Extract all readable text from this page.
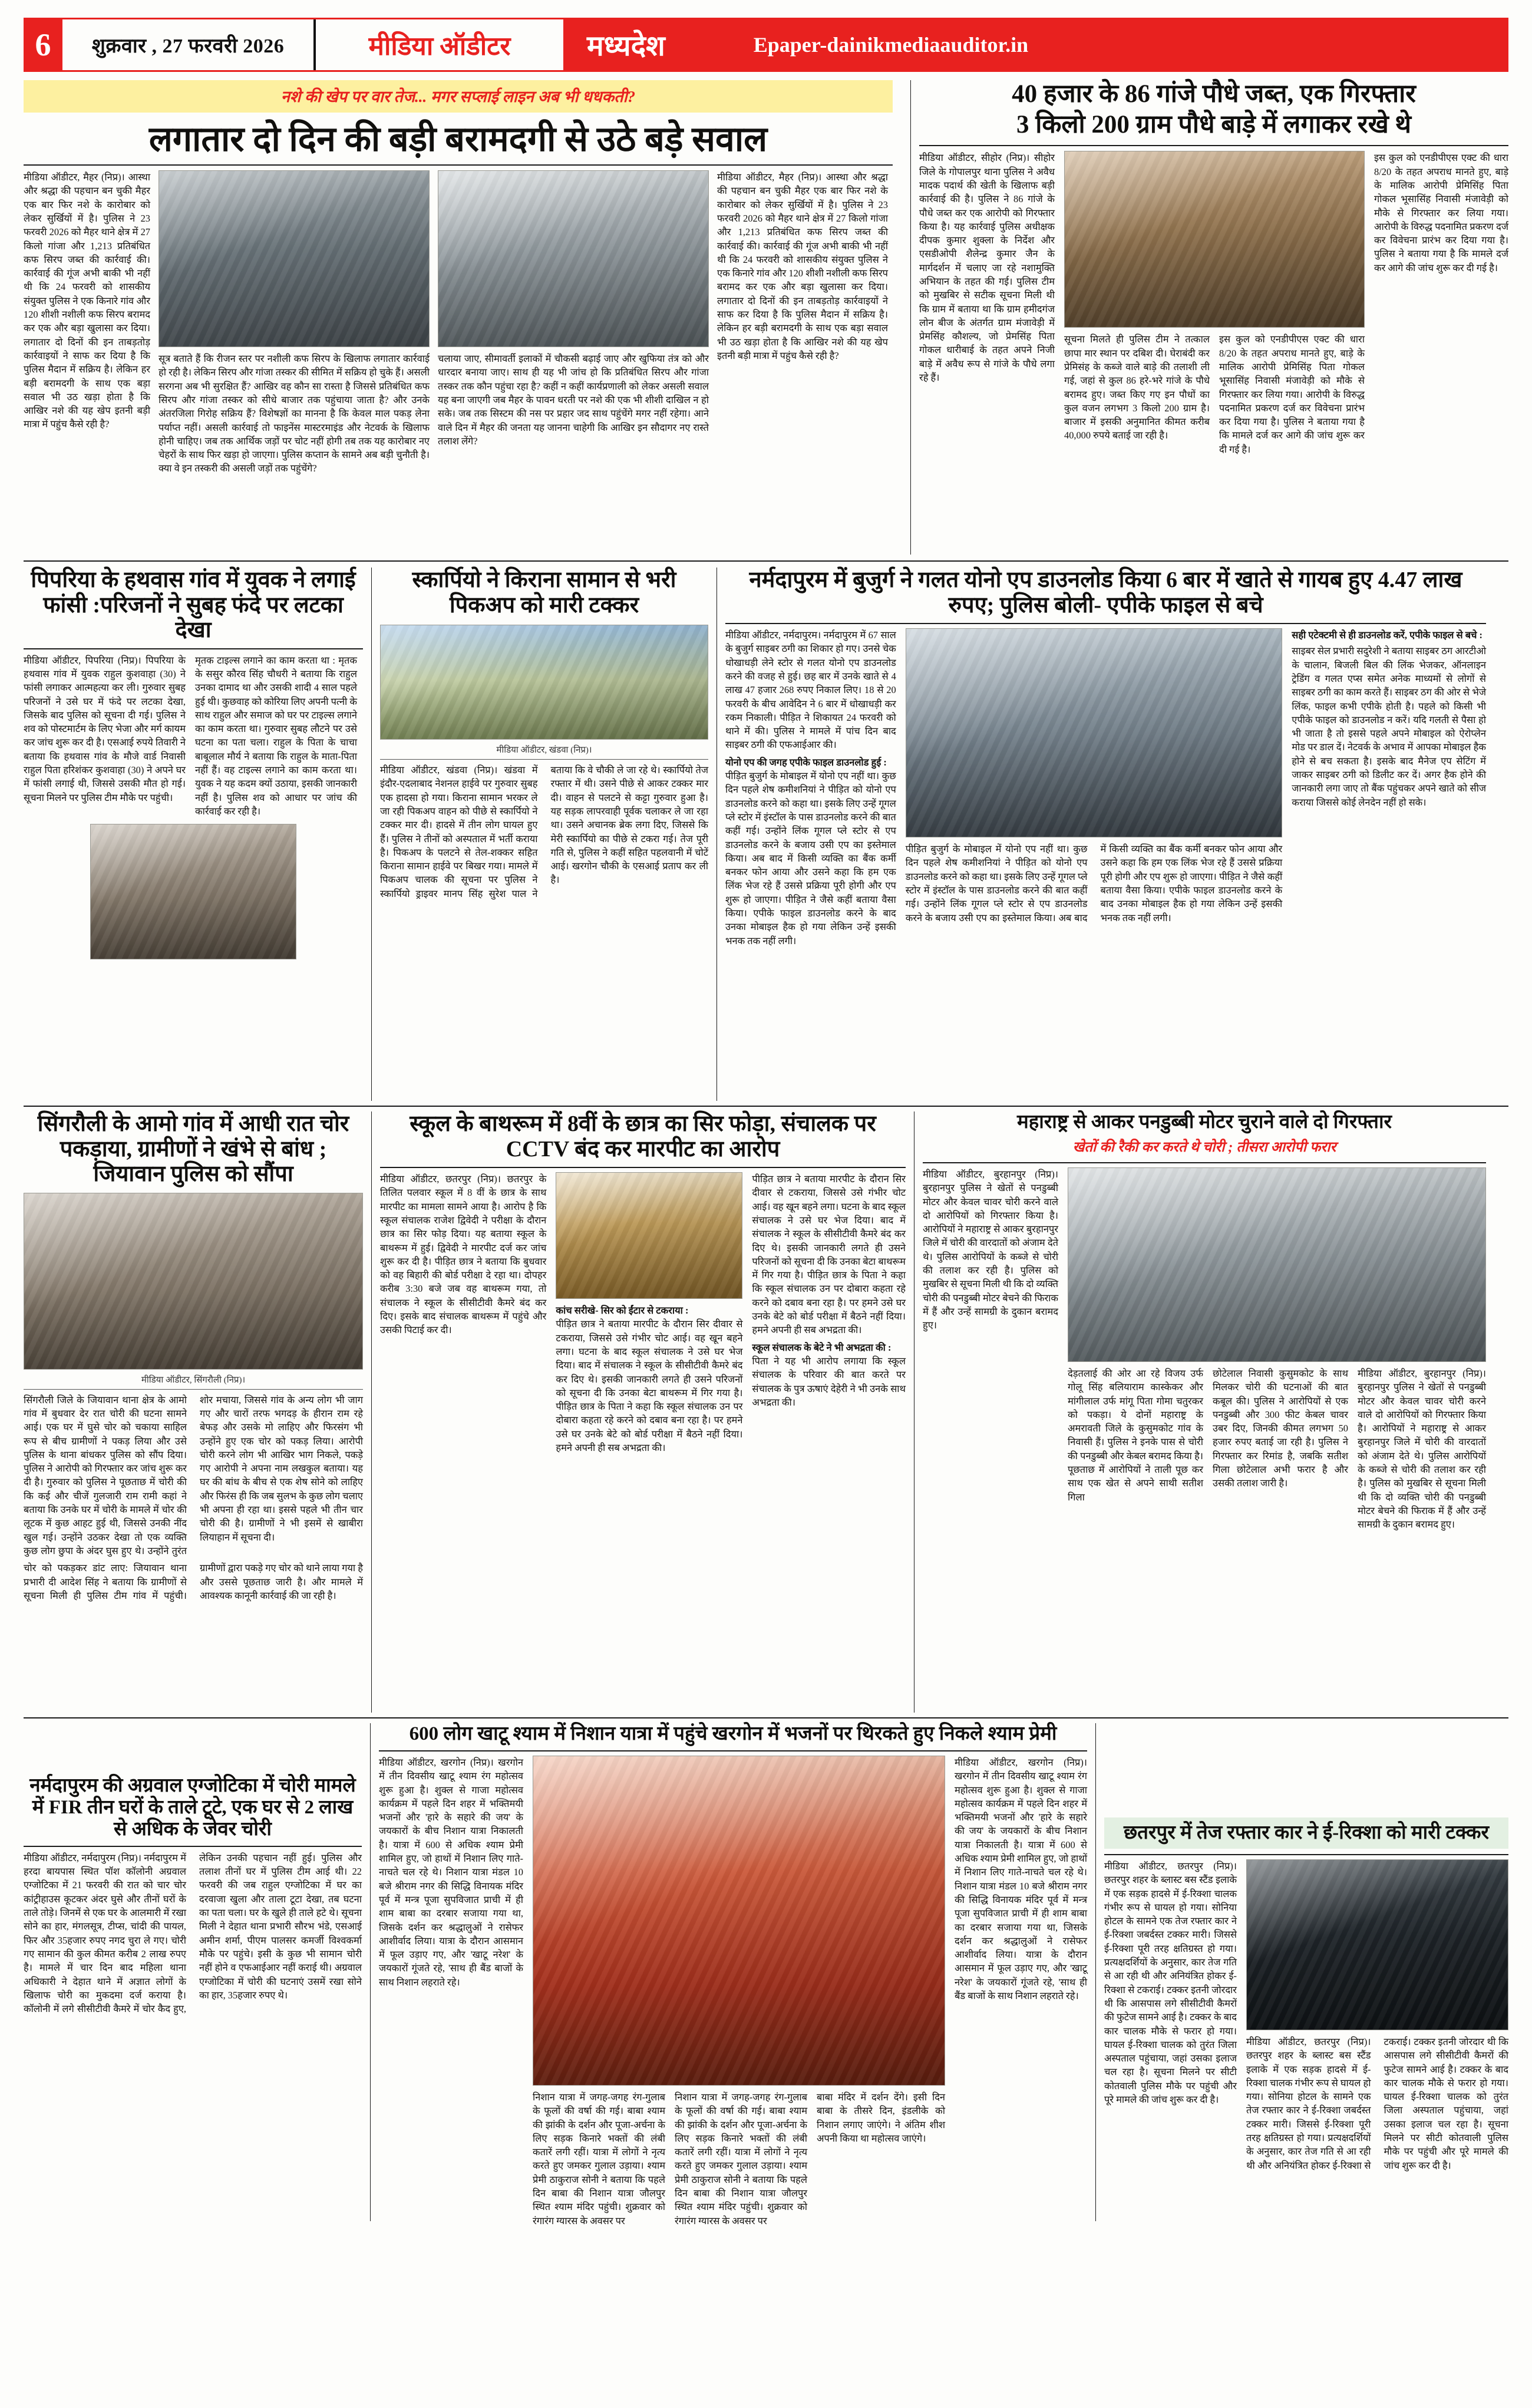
6	शुक्रवार , 27 फरवरी 2026	मीडिया ऑडीटर	मध्यदेश	Epaper-dainikmediaauditor.in
नशे की खेप पर वार तेज... मगर सप्लाई लाइन अब भी धधकती?
लगातार दो दिन की बड़ी बरामदगी से उठे बड़े सवाल
मीडिया ऑडीटर, मैहर (निप्र)। आस्था और श्रद्धा की पहचान बन चुकी मैहर एक बार फिर नशे के कारोबार को लेकर सुर्खियों में है। पुलिस ने 23 फरवरी 2026 को मैहर थाने क्षेत्र में 27 किलो गांजा और 1,213 प्रतिबंधित कफ सिरप जब्त की कार्रवाई की। कार्रवाई की गूंज अभी बाकी भी नहीं थी कि 24 फरवरी को शासकीय संयुक्त पुलिस ने एक किनारे गांव और 120 शीशी नशीली कफ सिरप बरामद कर एक और बड़ा खुलासा कर दिया। लगातार दो दिनों की इन ताबड़तोड़ कार्रवाइयों ने साफ कर दिया है कि पुलिस मैदान में सक्रिय है। लेकिन हर बड़ी बरामदगी के साथ एक बड़ा सवाल भी उठ खड़ा होता है कि आखिर नशे की यह खेप इतनी बड़ी मात्रा में पहुंच कैसे रही है?
सूत्र बताते हैं कि रीजन स्तर पर नशीली कफ सिरप के खिलाफ लगातार कार्रवाई हो रही है। लेकिन सिरप और गांजा तस्कर की सीमित में सक्रिय हो चुके हैं। असली सरगना अब भी सुरक्षित हैं? आखिर वह कौन सा रास्ता है जिससे प्रतिबंधित कफ सिरप और गांजा तस्कर को सीधे बाजार तक पहुंचाया जाता है? और उनके अंतरजिला गिरोह सक्रिय हैं? विशेषज्ञों का मानना है कि केवल माल पकड़ लेना पर्याप्त नहीं। असली कार्रवाई तो फाइनेंस मास्टरमाइंड और नेटवर्क के खिलाफ होनी चाहिए। जब तक आर्थिक जड़ों पर चोट नहीं होगी तब तक यह कारोबार नए चेहरों के साथ फिर खड़ा हो जाएगा। पुलिस कप्तान के सामने अब बड़ी चुनौती है। क्या वे इन तस्करी की असली जड़ों तक पहुंचेंगे?
चलाया जाए, सीमावर्ती इलाकों में चौकसी बढ़ाई जाए और खुफिया तंत्र को और धारदार बनाया जाए। साथ ही यह भी जांच हो कि प्रतिबंधित सिरप और गांजा तस्कर तक कौन पहुंचा रहा है? कहीं न कहीं कार्यप्रणाली को लेकर असली सवाल यह बना जाएगी जब मैहर के पावन धरती पर नशे की एक भी शीशी दाखिल न हो सके। जब तक सिस्टम की नस पर प्रहार जद साथ पहुंचेंगे मगर नहीं रहेगा। आने वाले दिन में मैहर की जनता यह जानना चाहेगी कि आखिर इन सौदागर नए रास्ते तलाश लेंगे?
मीडिया ऑडीटर, मैहर (निप्र)। आस्था और श्रद्धा की पहचान बन चुकी मैहर एक बार फिर नशे के कारोबार को लेकर सुर्खियों में है। पुलिस ने 23 फरवरी 2026 को मैहर थाने क्षेत्र में 27 किलो गांजा और 1,213 प्रतिबंधित कफ सिरप जब्त की कार्रवाई की। कार्रवाई की गूंज अभी बाकी भी नहीं थी कि 24 फरवरी को शासकीय संयुक्त पुलिस ने एक किनारे गांव और 120 शीशी नशीली कफ सिरप बरामद कर एक और बड़ा खुलासा कर दिया। लगातार दो दिनों की इन ताबड़तोड़ कार्रवाइयों ने साफ कर दिया है कि पुलिस मैदान में सक्रिय है। लेकिन हर बड़ी बरामदगी के साथ एक बड़ा सवाल भी उठ खड़ा होता है कि आखिर नशे की यह खेप इतनी बड़ी मात्रा में पहुंच कैसे रही है?
40 हजार के 86 गांजे पौधे जब्त, एक गिरफ्तार
3 किलो 200 ग्राम पौधे बाड़े में लगाकर रखे थे
मीडिया ऑडीटर, सीहोर (निप्र)। सीहोर जिले के गोपालपुर थाना पुलिस ने अवैध मादक पदार्थ की खेती के खिलाफ बड़ी कार्रवाई की है। पुलिस ने 86 गांजे के पौधे जब्त कर एक आरोपी को गिरफ्तार किया है। यह कार्रवाई पुलिस अधीक्षक दीपक कुमार शुक्ला के निर्देश और एसडीओपी शैलेन्द्र कुमार जैन के मार्गदर्शन में चलाए जा रहे नशामुक्ति अभियान के तहत की गई। पुलिस टीम को मुखबिर से सटीक सूचना मिली थी कि ग्राम में बताया था कि ग्राम हमीदगंज लोन बीज के अंतर्गत ग्राम मंजावेड़ी में प्रेमसिंह कौशल्य, जो प्रेमसिंह पिता गोकल धारीबाई के तहत अपने निजी बाड़े में अवैध रूप से गांजे के पौधे लगा रहे हैं।
सूचना मिलते ही पुलिस टीम ने तत्काल छापा मार स्थान पर दबिश दी। घेराबंदी कर प्रेमिसंह के कब्जे वाले बाड़े की तलाशी ली गई, जहां से कुल 86 हरे-भरे गांजे के पौधे बरामद हुए। जब्त किए गए इन पौधों का कुल वजन लगभग 3 किलो 200 ग्राम है। बाजार में इसकी अनुमानित कीमत करीब 40,000 रुपये बताई जा रही है।
इस कुल को एनडीपीएस एक्ट की धारा 8/20 के तहत अपराध मानते हुए, बाड़े के मालिक आरोपी प्रेमिसिंह पिता गोकल भूसासिंह निवासी मंजावेड़ी को मौके से गिरफ्तार कर लिया गया। आरोपी के विरुद्ध पदनामित प्रकरण दर्ज कर विवेचना प्रारंभ कर दिया गया है। पुलिस ने बताया गया है कि मामले दर्ज कर आगे की जांच शुरू कर दी गई है।
इस कुल को एनडीपीएस एक्ट की धारा 8/20 के तहत अपराध मानते हुए, बाड़े के मालिक आरोपी प्रेमिसिंह पिता गोकल भूसासिंह निवासी मंजावेड़ी को मौके से गिरफ्तार कर लिया गया। आरोपी के विरुद्ध पदनामित प्रकरण दर्ज कर विवेचना प्रारंभ कर दिया गया है। पुलिस ने बताया गया है कि मामले दर्ज कर आगे की जांच शुरू कर दी गई है।
पिपरिया के हथवास गांव में युवक ने लगाई फांसी :परिजनों ने सुबह फंदे पर लटका देखा
मीडिया ऑडीटर, पिपरिया (निप्र)। पिपरिया के हथवास गांव में युवक राहुल कुशवाहा (30) ने फांसी लगाकर आत्महत्या कर ली। गुरुवार सुबह परिजनों ने उसे घर में फंदे पर लटका देखा, जिसके बाद पुलिस को सूचना दी गई। पुलिस ने शव को पोस्टमार्टम के लिए भेजा और मर्ग कायम कर जांच शुरू कर दी है। एसआई रुपये तिवारी ने बताया कि हथवास गांव के मौजे वार्ड निवासी राहुल पिता हरिशंकर कुशवाहा (30) ने अपने घर में फांसी लगाई थी, जिससे उसकी मौत हो गई। सूचना मिलने पर पुलिस टीम मौके पर पहुंची।
मृतक टाइल्स लगाने का काम करता था : मृतक के ससुर कौरव सिंह चौधरी ने बताया कि राहुल उनका दामाद था और उसकी शादी 4 साल पहले हुई थी। कुछवाह को कोरिया लिए अपनी पत्नी के साथ राहुल और समाज को घर पर टाइल्स लगाने का काम करता था। गुरुवार सुबह लौटने पर उसे घटना का पता चला। राहुल के पिता के चाचा बाबूलाल मौर्य ने बताया कि राहुल के माता-पिता नहीं हैं। वह टाइल्स लगाने का काम करता था। युवक ने यह कदम क्यों उठाया, इसकी जानकारी नहीं है। पुलिस शव को आधार पर जांच की कार्रवाई कर रही है।
स्कार्पियो ने किराना सामान से भरी पिकअप को मारी टक्कर
मीडिया ऑडीटर, खंडवा (निप्र)।
मीडिया ऑडीटर, खंडवा (निप्र)। खंडवा में इंदौर-एदलाबाद नेशनल हाईवे पर गुरुवार सुबह एक हादसा हो गया। किराना सामान भरकर ले जा रही पिकअप वाहन को पीछे से स्कार्पियो ने टक्कर मार दी। हादसे में तीन लोग घायल हुए हैं। पुलिस ने तीनों को अस्पताल में भर्ती कराया है। पिकअप के पलटने से तेल-शक्कर सहित किराना सामान हाईवे पर बिखर गया। मामले में पिकअप चालक की सूचना पर पुलिस ने स्कार्पियो ड्राइवर मानप सिंह सुरेश पाल ने बताया कि वे चौकी ले जा रहे थे। स्कार्पियो तेज रफ्तार में थी। उसने पीछे से आकर टक्कर मार दी। वाहन से पलटने से कट्टा गुरुवार हुआ है। यह सड़क लापरवाही पूर्वक चलाकर ले जा रहा था। उसने अचानक ब्रेक लगा दिए, जिससे कि मेरी स्कार्पियो का पीछे से टकरा गई। तेज पूरी गति से, पुलिस ने कहीं सहित पहलवानी में चोटें आई। खरगोन चौकी के एसआई प्रताप कर ली है।
नर्मदापुरम में बुजुर्ग ने गलत योनो एप डाउनलोड किया 6 बार में खाते से गायब हुए 4.47 लाख रुपए; पुलिस बोली- एपीके फाइल से बचे
मीडिया ऑडीटर, नर्मदापुरम। नर्मदापुरम में 67 साल के बुजुर्ग साइबर ठगी का शिकार हो गए। उनसे चेक धोखाधड़ी लेने स्टोर से गलत योनो एप डाउनलोड करने की वजह से हुई। छह बार में उनके खाते से 4 लाख 47 हजार 268 रुपए निकाल लिए। 18 से 20 फरवरी के बीच आवेदिन ने 6 बार में धोखाधड़ी कर रकम निकाली। पीड़ित ने शिकायत 24 फरवरी को थाने में की। पुलिस ने मामले में पांच दिन बाद साइबर ठगी की एफआईआर की।
योनो एप की जगह एपीके फाइल डाउनलोड हुई :
पीड़ित बुजुर्ग के मोबाइल में योनो एप नहीं था। कुछ दिन पहले शेष कमीशनियां ने पीड़ित को योनो एप डाउनलोड करने को कहा था। इसके लिए उन्हें गूगल प्ले स्टोर में इंस्टॉल के पास डाउनलोड करने की बात कहीं गई। उन्होंने लिंक गूगल प्ले स्टोर से एप डाउनलोड करने के बजाय उसी एप का इस्तेमाल किया। अब बाद में किसी व्यक्ति का बैंक कर्मी बनकर फोन आया और उसने कहा कि हम एक लिंक भेज रहे हैं उससे प्रक्रिया पूरी होगी और एप शुरू हो जाएगा। पीड़ित ने जैसे कहीं बताया वैसा किया। एपीके फाइल डाउनलोड करने के बाद उनका मोबाइल हैक हो गया लेकिन उन्हें इसकी भनक तक नहीं लगी।
पीड़ित बुजुर्ग के मोबाइल में योनो एप नहीं था। कुछ दिन पहले शेष कमीशनियां ने पीड़ित को योनो एप डाउनलोड करने को कहा था। इसके लिए उन्हें गूगल प्ले स्टोर में इंस्टॉल के पास डाउनलोड करने की बात कहीं गई। उन्होंने लिंक गूगल प्ले स्टोर से एप डाउनलोड करने के बजाय उसी एप का इस्तेमाल किया। अब बाद में किसी व्यक्ति का बैंक कर्मी बनकर फोन आया और उसने कहा कि हम एक लिंक भेज रहे हैं उससे प्रक्रिया पूरी होगी और एप शुरू हो जाएगा। पीड़ित ने जैसे कहीं बताया वैसा किया। एपीके फाइल डाउनलोड करने के बाद उनका मोबाइल हैक हो गया लेकिन उन्हें इसकी भनक तक नहीं लगी।
सही एटेक्टमी से ही डाउनलोड करें, एपीके फाइल से बचे :
साइबर सेल प्रभारी सदुरेशी ने बताया साइबर ठग आरटीओ के चालान, बिजली बिल की लिंक भेजकर, ऑनलाइन ट्रेडिंग व गलत एप्स समेत अनेक माध्यमों से लोगों से साइबर ठगी का काम करते हैं। साइबर ठग की ओर से भेजे लिंक, फाइल कभी एपीके होती है। पहले को किसी भी एपीके फाइल को डाउनलोड न करें। यदि गलती से पैसा हो भी जाता है तो इससे पहले अपने मोबाइल को ऐरोप्लेन मोड पर डाल दें। नेटवर्क के अभाव में आपका मोबाइल हैक होने से बच सकता है। इसके बाद मैनेज एप सेटिंग में जाकर साइबर ठगी को डिलीट कर दें। अगर हैक होने की जानकारी लगा जाए तो बैंक पहुंचकर अपने खाते को सीज कराया जिससे कोई लेनदेन नहीं हो सके।
सिंगरौली के आमो गांव में आधी रात चोर पकड़ाया, ग्रामीणों ने खंभे से बांध ; जियावान पुलिस को सौंपा
मीडिया ऑडीटर, सिंगरौली (निप्र)।
सिंगरौली जिले के जियावान थाना क्षेत्र के आमो गांव में बुधवार देर रात चोरी की घटना सामने आई। एक घर में घुसे चोर को चकाया साहिल रूप से बीच ग्रामीणों ने पकड़ लिया और उसे पुलिस के थाना बांधकर पुलिस को सौंप दिया। पुलिस ने आरोपी को गिरफ्तार कर जांच शुरू कर दी है। गुरुवार को पुलिस ने पूछताछ में चोरी की कि कई और चीजें गुलजारी राम रामी कहां ने बताया कि उनके घर में चोरी के मामले में चोर की लूटक में कुछ आहट हुई थी, जिससे उनकी नींद खुल गई। उन्होंने उठकर देखा तो एक व्यक्ति कुछ लोग छुपा के अंदर घुस हुए थे। उन्होंने तुरंत शोर मचाया, जिससे गांव के अन्य लोग भी जाग गए और चारों तरफ भगदड़ के हीरान राम रहे बेफड़ और उसके मो लाहिए और फिरसंग भी उन्होंने हुए एक चोर को पकड़ लिया। आरोपी चोरी करने लोग भी आखिर भाग निकले, पकड़े गए आरोपी ने अपना नाम लखकुल बताया। यह घर की बांध के बीच से एक शेष सोने को लाहिए और फिरंस ही कि जब सुलभ के कुछ लोग चलाए भी अपना ही रहा था। इससे पहले भी तीन चार चोरी की है। ग्रामीणों ने भी इसमें से खाबीरा लियाहान में सूचना दी।
चोर को पकड़कर डांट लाए: जियावान थाना प्रभारी दी आदेश सिंह ने बताया कि ग्रामीणों से सूचना मिली ही पुलिस टीम गांव में पहुंची। ग्रामीणों द्वारा पकड़े गए चोर को थाने लाया गया है और उससे पूछताछ जारी है। और मामले में आवश्यक कानूनी कार्रवाई की जा रही है।
स्कूल के बाथरूम में 8वीं के छात्र का सिर फोड़ा, संचालक पर CCTV बंद कर मारपीट का आरोप
मीडिया ऑडीटर, छतरपुर (निप्र)। छतरपुर के तिलित पलवार स्कूल में 8 वीं के छात्र के साथ मारपीट का मामला सामने आया है। आरोप है कि स्कूल संचालक राजेश द्विवेदी ने परीक्षा के दौरान छात्र का सिर फोड़ दिया। यह बताया स्कूल के बाथरूम में हुई। द्विवेदी ने मारपीट दर्ज कर जांच शुरू कर दी है। पीड़ित छात्र ने बताया कि बुधवार को वह बिहारी की बोर्ड परीक्षा दे रहा था। दोपहर करीब 3:30 बजे जब वह बाथरूम गया, तो संचालक ने स्कूल के सीसीटीवी कैमरे बंद कर दिए। इसके बाद संचालक बाथरूम में पहुंचे और उसकी पिटाई कर दी।
कांच सरीखे- सिर को ईंटार से टकराया :
पीड़ित छात्र ने बताया मारपीट के दौरान सिर दीवार से टकराया, जिससे उसे गंभीर चोट आई। वह खून बहने लगा। घटना के बाद स्कूल संचालक ने उसे घर भेज दिया। बाद में संचालक ने स्कूल के सीसीटीवी कैमरे बंद कर दिए थे। इसकी जानकारी लगते ही उसने परिजनों को सूचना दी कि उनका बेटा बाथरूम में गिर गया है। पीड़ित छात्र के पिता ने कहा कि स्कूल संचालक उन पर दोबारा कहता रहे करने को दबाव बना रहा है। पर हमने उसे घर उनके बेटे को बोर्ड परीक्षा में बैठने नहीं दिया। हमने अपनी ही सब अभद्रता की।
पीड़ित छात्र ने बताया मारपीट के दौरान सिर दीवार से टकराया, जिससे उसे गंभीर चोट आई। वह खून बहने लगा। घटना के बाद स्कूल संचालक ने उसे घर भेज दिया। बाद में संचालक ने स्कूल के सीसीटीवी कैमरे बंद कर दिए थे। इसकी जानकारी लगते ही उसने परिजनों को सूचना दी कि उनका बेटा बाथरूम में गिर गया है। पीड़ित छात्र के पिता ने कहा कि स्कूल संचालक उन पर दोबारा कहता रहे करने को दबाव बना रहा है। पर हमने उसे घर उनके बेटे को बोर्ड परीक्षा में बैठने नहीं दिया। हमने अपनी ही सब अभद्रता की।
स्कूल संचालक के बेटे ने भी अभद्रता की :
पिता ने यह भी आरोप लगाया कि स्कूल संचालक के परिवार की बात करते पर संचालक के पुत्र ऊषाएं देहेरी ने भी उनके साथ अभद्रता की।
महाराष्ट्र से आकर पनडुब्बी मोटर चुराने वाले दो गिरफ्तार
खेतों की रैकी कर करते थे चोरी ; तीसरा आरोपी फरार
मीडिया ऑडीटर, बुरहानपुर (निप्र)। बुरहानपुर पुलिस ने खेतों से पनडुब्बी मोटर और केवल चावर चोरी करने वाले दो आरोपियों को गिरफ्तार किया है। आरोपियों ने महाराष्ट्र से आकर बुरहानपुर जिले में चोरी की वारदातों को अंजाम देते थे। पुलिस आरोपियों के कब्जे से चोरी की तलाश कर रही है। पुलिस को मुखबिर से सूचना मिली थी कि दो व्यक्ति चोरी की पनडुब्बी मोटर बेचने की फिराक में हैं और उन्हें सामग्री के दुकान बरामद हुए।
देड़तलाई की ओर आ रहे विजय उर्फ गोलू सिंह बलियाराम कास्केकर और मांगीलाल उर्फ मांगू पिता गोमा चतुरकर को पकड़ा। ये दोनों महाराष्ट्र के अमरावती जिले के कुसुमकोट गांव के निवासी हैं। पुलिस ने इनके पास से चोरी की पनडुब्बी और केबल बरामद किया है। पूछताछ में आरोपियों ने ताली पूछ कर साथ एक खेत से अपने साथी सतीश गिला
छोटेलाल निवासी कुसुमकोट के साथ मिलकर चोरी की घटनाओं की बात कबूल की। पुलिस ने आरोपियों से एक पनडुब्बी और 300 फीट केबल चावर उबर दिए, जिनकी कीमत लगभग 50 हजार रुपए बताई जा रही है। पुलिस ने गिरफ्तार कर रिमांड है, जबकि सतीश गिला छोटेलाल अभी फरार है और उसकी तलाश जारी है।
मीडिया ऑडीटर, बुरहानपुर (निप्र)। बुरहानपुर पुलिस ने खेतों से पनडुब्बी मोटर और केवल चावर चोरी करने वाले दो आरोपियों को गिरफ्तार किया है। आरोपियों ने महाराष्ट्र से आकर बुरहानपुर जिले में चोरी की वारदातों को अंजाम देते थे। पुलिस आरोपियों के कब्जे से चोरी की तलाश कर रही है। पुलिस को मुखबिर से सूचना मिली थी कि दो व्यक्ति चोरी की पनडुब्बी मोटर बेचने की फिराक में हैं और उन्हें सामग्री के दुकान बरामद हुए।
नर्मदापुरम की अग्रवाल एग्जोटिका में चोरी मामले में FIR तीन घरों के ताले टूटे, एक घर से 2 लाख से अधिक के जेवर चोरी
मीडिया ऑडीटर, नर्मदापुरम (निप्र)। नर्मदापुरम में हरदा बायपास स्थित पॉश कॉलोनी अग्रवाल एग्जोटिका में 21 फरवरी की रात को चार चोर कांट्रीहाउस कूटकर अंदर घुसे और तीनों घरों के ताले तोड़े। जिनमें से एक घर के आलमारी में रखा सोने का हार, मंगलसूत्र, टीप्स, चांदी की पायल, फिर और 35हजार रुपए नगद चुरा ले गए। चोरी गए सामान की कुल कीमत करीब 2 लाख रुपए है। मामले में चार दिन बाद महिला थाना अधिकारी ने देहात थाने में अज्ञात लोगों के खिलाफ चोरी का मुकदमा दर्ज कराया है। कॉलोनी में लगे सीसीटीवी कैमरे में चोर कैद हुए, लेकिन उनकी पहचान नहीं हुई। पुलिस और तलाश तीनों घर में पुलिस टीम आई थी। 22 फरवरी की जब राहुल एग्जोटिका में घर का दरवाजा खुला और ताला टूटा देखा, तब घटना का पता चला। घर के खुले ही ताले हटे थे। सूचना मिली ने देहात थाना प्रभारी सौरभ भंडे, एसआई अमीन शर्मा, पीएम पालसर कमर्जी विश्वकर्मा मौके पर पहुंचे। इसी के कुछ भी सामान चोरी नहीं होने व एफआईआर नहीं कराई थी। अग्रवाल एग्जोटिका में चोरी की घटनाएं उसमें रखा सोने का हार, 35हजार रुपए थे।
600 लोग खाटू श्याम में निशान यात्रा में पहुंचे खरगोन में भजनों पर थिरकते हुए निकले श्याम प्रेमी
मीडिया ऑडीटर, खरगोन (निप्र)। खरगोन में तीन दिवसीय खाटू श्याम रंग महोत्सव शुरू हुआ है। शुक्ल से गाजा महोत्सव कार्यक्रम में पहले दिन शहर में भक्तिमयी भजनों और 'हारे के सहारे की जय' के जयकारों के बीच निशान यात्रा निकालती है। यात्रा में 600 से अधिक श्याम प्रेमी शामिल हुए, जो हाथों में निशान लिए गाते-नाचते चल रहे थे। निशान यात्रा मंडल 10 बजे श्रीराम नगर की सिद्धि विनायक मंदिर पूर्व में मन्त्र पूजा सुपविजात प्राची में ही शाम बाबा का दरबार सजाया गया था, जिसके दर्शन कर श्रद्धालुओं ने रासेफर आशीर्वाद लिया। यात्रा के दौरान आसमान में फूल उड़ाए गए, और 'खाटू नरेश' के जयकारों गूंजते रहे, 'साथ ही बैंड बाजों के साथ निशान लहराते रहे।
निशान यात्रा में जगह-जगह रंग-गुलाब के फूलों की वर्षा की गई। बाबा श्याम की झांकी के दर्शन और पूजा-अर्चना के लिए सड़क किनारे भक्तों की लंबी कतारें लगी रहीं। यात्रा में लोगों ने नृत्य करते हुए जमकर गुलाल उड़ाया। श्याम प्रेमी ठाकुराज सोनी ने बताया कि पहले दिन बाबा की निशान यात्रा जौलपुर स्थित श्याम मंदिर पहुंची। शुक्रवार को रंगारंग ग्यारस के अवसर पर
निशान यात्रा में जगह-जगह रंग-गुलाब के फूलों की वर्षा की गई। बाबा श्याम की झांकी के दर्शन और पूजा-अर्चना के लिए सड़क किनारे भक्तों की लंबी कतारें लगी रहीं। यात्रा में लोगों ने नृत्य करते हुए जमकर गुलाल उड़ाया। श्याम प्रेमी ठाकुराज सोनी ने बताया कि पहले दिन बाबा की निशान यात्रा जौलपुर स्थित श्याम मंदिर पहुंची। शुक्रवार को रंगारंग ग्यारस के अवसर पर
बाबा मंदिर में दर्शन देंगे। इसी दिन बाबा के तीसरे दिन, इंडलीके को निशान लगाए जाएंगे। ने अंतिम शीश अपनी किया था महोत्सव जाएंगे।
मीडिया ऑडीटर, खरगोन (निप्र)। खरगोन में तीन दिवसीय खाटू श्याम रंग महोत्सव शुरू हुआ है। शुक्ल से गाजा महोत्सव कार्यक्रम में पहले दिन शहर में भक्तिमयी भजनों और 'हारे के सहारे की जय' के जयकारों के बीच निशान यात्रा निकालती है। यात्रा में 600 से अधिक श्याम प्रेमी शामिल हुए, जो हाथों में निशान लिए गाते-नाचते चल रहे थे। निशान यात्रा मंडल 10 बजे श्रीराम नगर की सिद्धि विनायक मंदिर पूर्व में मन्त्र पूजा सुपविजात प्राची में ही शाम बाबा का दरबार सजाया गया था, जिसके दर्शन कर श्रद्धालुओं ने रासेफर आशीर्वाद लिया। यात्रा के दौरान आसमान में फूल उड़ाए गए, और 'खाटू नरेश' के जयकारों गूंजते रहे, 'साथ ही बैंड बाजों के साथ निशान लहराते रहे।
छतरपुर में तेज रफ्तार कार ने ई-रिक्शा को मारी टक्कर
मीडिया ऑडीटर, छतरपुर (निप्र)। छतरपुर शहर के ब्लास्ट बस स्टैंड इलाके में एक सड़क हादसे में ई-रिक्शा चालक गंभीर रूप से घायल हो गया। सोनिया होटल के सामने एक तेज रफ्तार कार ने ई-रिक्शा जबर्दस्त टक्कर मारी। जिससे ई-रिक्शा पूरी तरह क्षतिग्रस्त हो गया। प्रत्यक्षदर्शियों के अनुसार, कार तेज गति से आ रही थी और अनियंत्रित होकर ई-रिक्शा से टकराई। टक्कर इतनी जोरदार थी कि आसपास लगे सीसीटीवी कैमरों की फुटेज सामने आई है। टक्कर के बाद कार चालक मौके से फरार हो गया। घायल ई-रिक्शा चालक को तुरंत जिला अस्पताल पहुंचाया, जहां उसका इलाज चल रहा है। सूचना मिलने पर सीटी कोतवाली पुलिस मौके पर पहुंची और पूरे मामले की जांच शुरू कर दी है।
मीडिया ऑडीटर, छतरपुर (निप्र)। छतरपुर शहर के ब्लास्ट बस स्टैंड इलाके में एक सड़क हादसे में ई-रिक्शा चालक गंभीर रूप से घायल हो गया। सोनिया होटल के सामने एक तेज रफ्तार कार ने ई-रिक्शा जबर्दस्त टक्कर मारी। जिससे ई-रिक्शा पूरी तरह क्षतिग्रस्त हो गया। प्रत्यक्षदर्शियों के अनुसार, कार तेज गति से आ रही थी और अनियंत्रित होकर ई-रिक्शा से टकराई। टक्कर इतनी जोरदार थी कि आसपास लगे सीसीटीवी कैमरों की फुटेज सामने आई है। टक्कर के बाद कार चालक मौके से फरार हो गया। घायल ई-रिक्शा चालक को तुरंत जिला अस्पताल पहुंचाया, जहां उसका इलाज चल रहा है। सूचना मिलने पर सीटी कोतवाली पुलिस मौके पर पहुंची और पूरे मामले की जांच शुरू कर दी है।
